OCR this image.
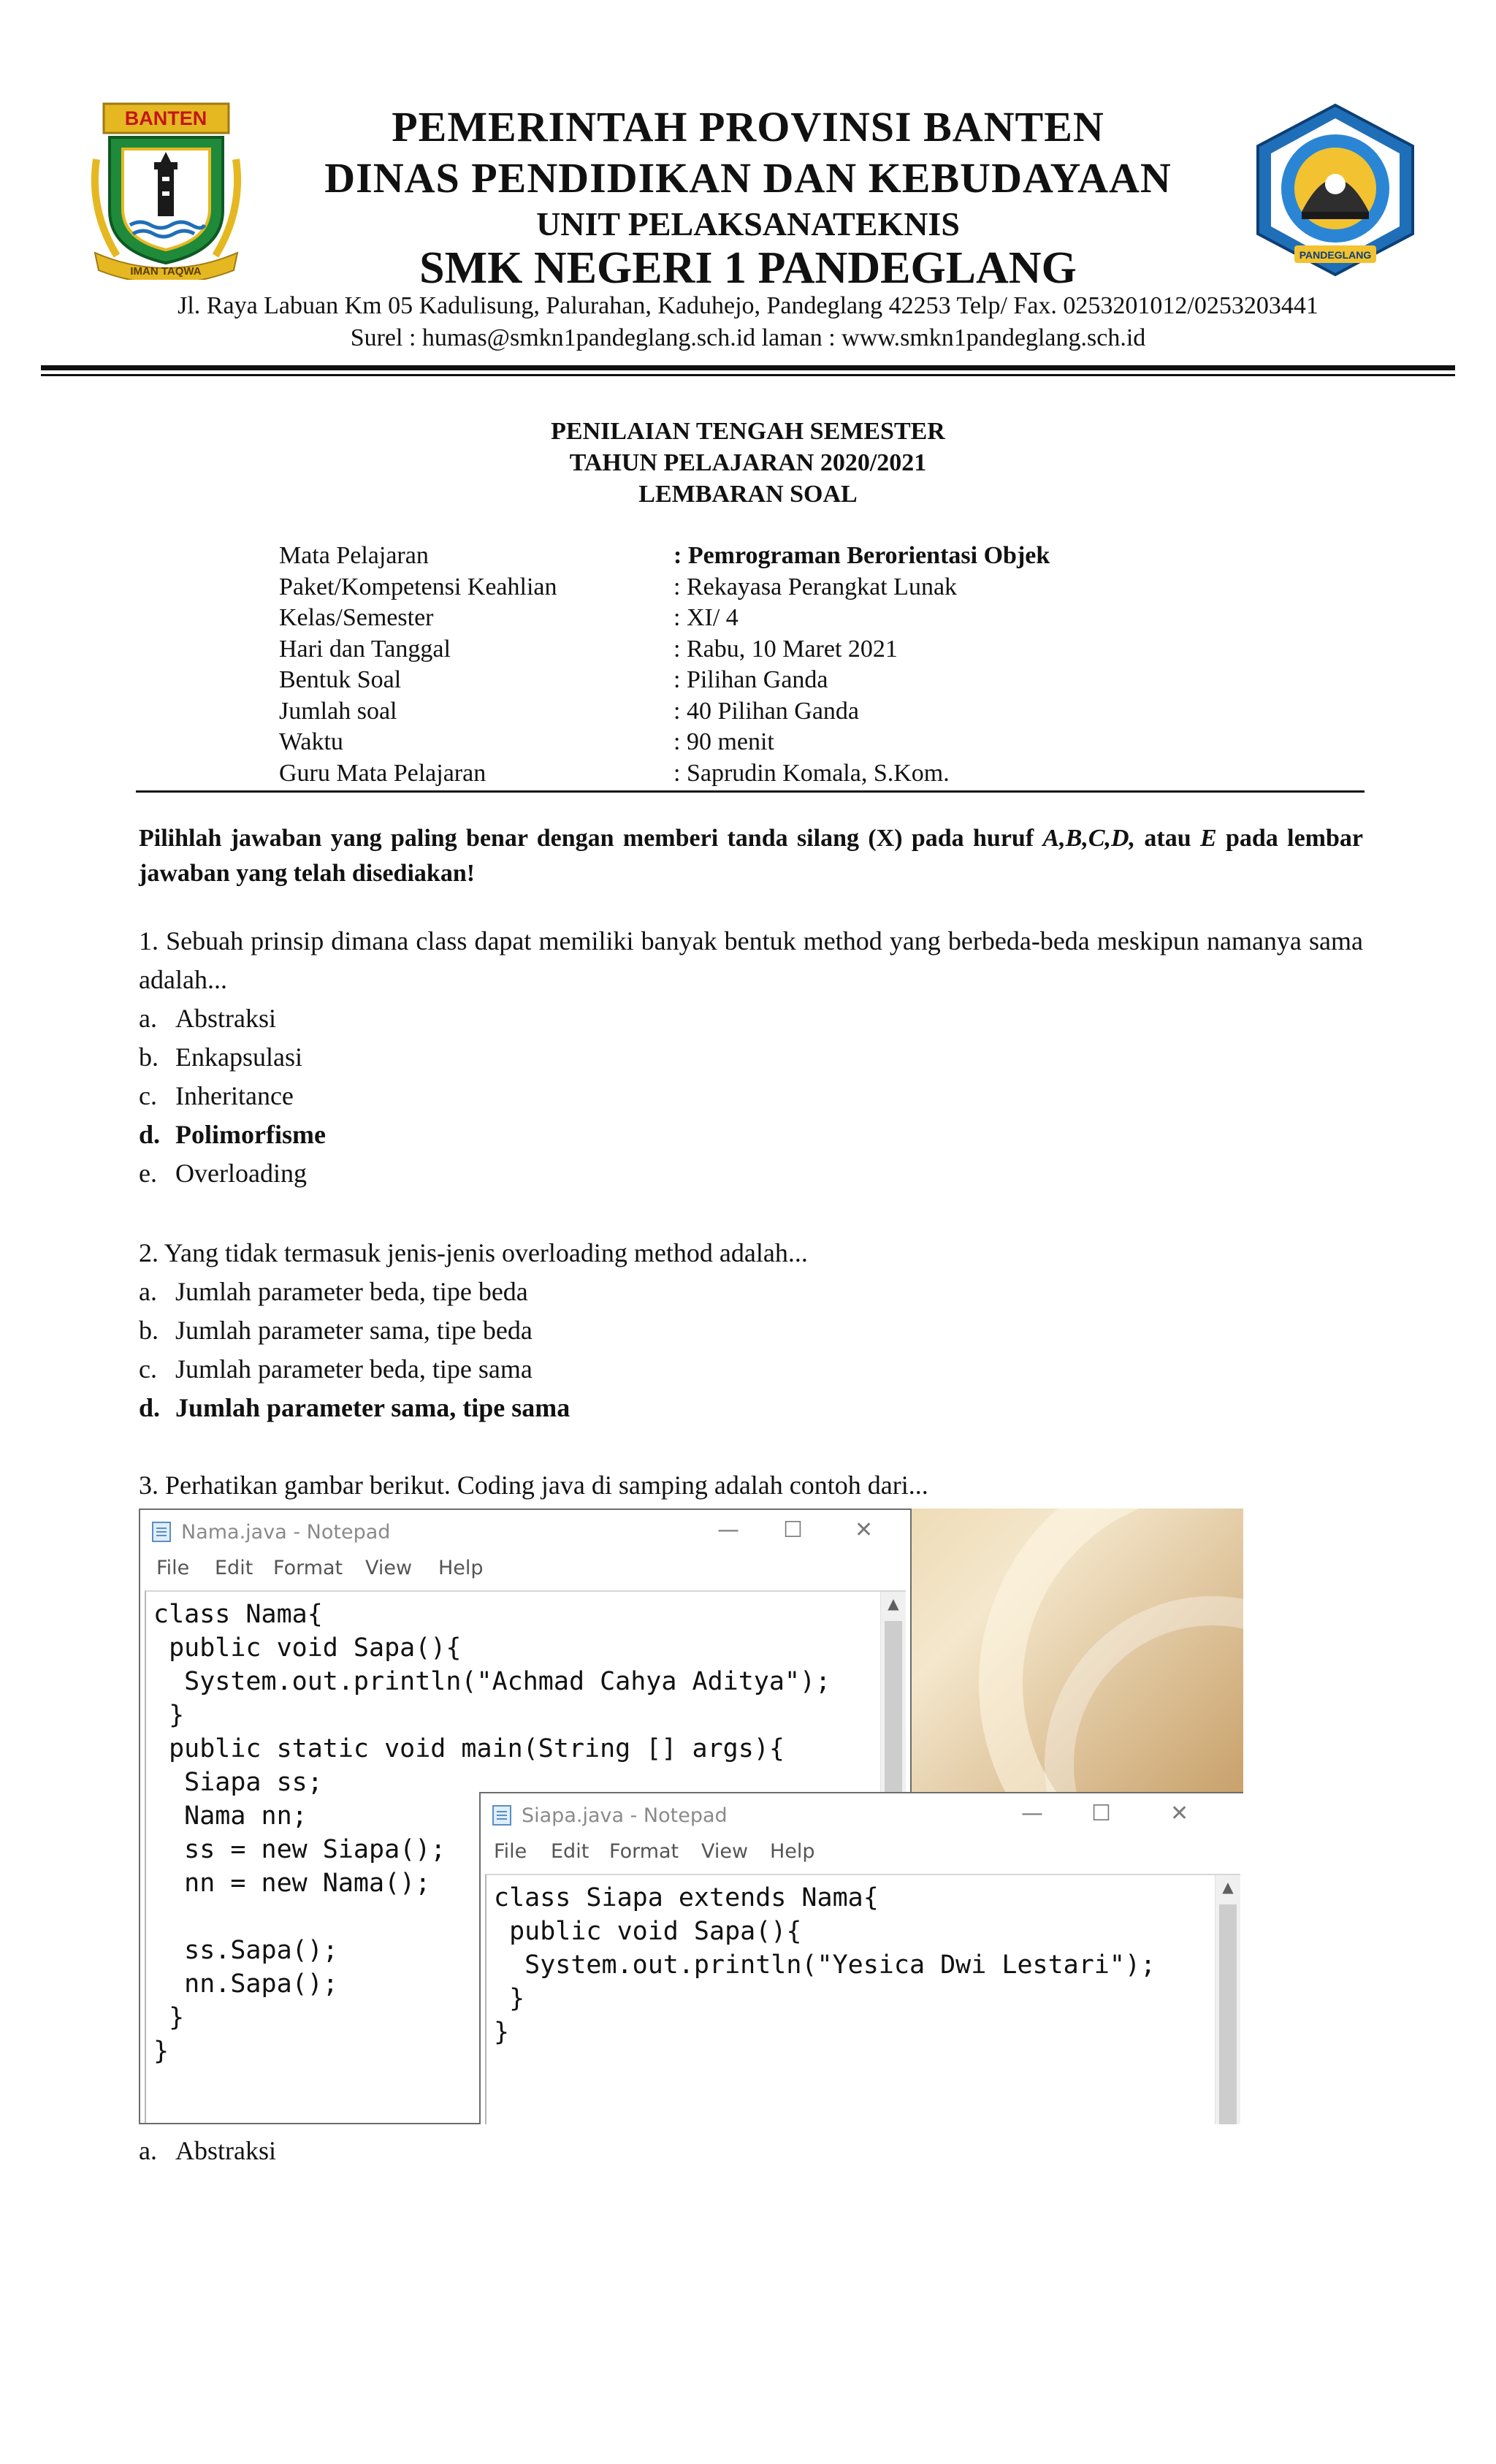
BANTEN
IMAN TAQWA
PANDEGLANG
PEMERINTAH PROVINSI BANTEN
DINAS PENDIDIKAN DAN KEBUDAYAAN
UNIT PELAKSANATEKNIS
SMK NEGERI 1 PANDEGLANG
Jl. Raya Labuan Km 05 Kadulisung, Palurahan, Kaduhejo, Pandeglang 42253 Telp/ Fax. 0253201012/0253203441
Surel : humas@smkn1pandeglang.sch.id laman : www.smkn1pandeglang.sch.id
PENILAIAN TENGAH SEMESTER
TAHUN PELAJARAN 2020/2021
LEMBARAN SOAL
Mata Pelajaran	: Pemrograman Berorientasi Objek
Paket/Kompetensi Keahlian	: Rekayasa Perangkat Lunak
Kelas/Semester	: XI/ 4
Hari dan Tanggal	: Rabu, 10 Maret 2021
Bentuk Soal	: Pilihan Ganda
Jumlah soal	: 40 Pilihan Ganda
Waktu	: 90 menit
Guru Mata Pelajaran	: Saprudin Komala, S.Kom.
Pilihlah jawaban yang paling benar dengan memberi tanda silang (X) pada huruf A,B,C,D, atau E pada lembar jawaban yang telah disediakan!
1. Sebuah prinsip dimana class dapat memiliki banyak bentuk method yang berbeda-beda meskipun namanya sama adalah...
a. Abstraksi
b. Enkapsulasi
c. Inheritance
d. Polimorfisme
e. Overloading
2. Yang tidak termasuk jenis-jenis overloading method adalah...
a. Jumlah parameter beda, tipe beda
b. Jumlah parameter sama, tipe beda
c. Jumlah parameter beda, tipe sama
d. Jumlah parameter sama, tipe sama
3. Perhatikan gambar berikut. Coding java di samping adalah contoh dari...
Nama.java - Notepad	— ☐ ✕
File Edit Format View Help
class Nama{
public void Sapa(){
System.out.println("Achmad Cahya Aditya");
}
public static void main(String [] args){
Siapa ss;
Nama nn;
ss = new Siapa();
nn = new Nama();

ss.Sapa();
nn.Sapa();
}
}
▲
Siapa.java - Notepad	— ☐	✕
File Edit Format View Help
class Siapa extends Nama{
public void Sapa(){
System.out.println("Yesica Dwi Lestari");
}
}
▲
a. Abstraksi
